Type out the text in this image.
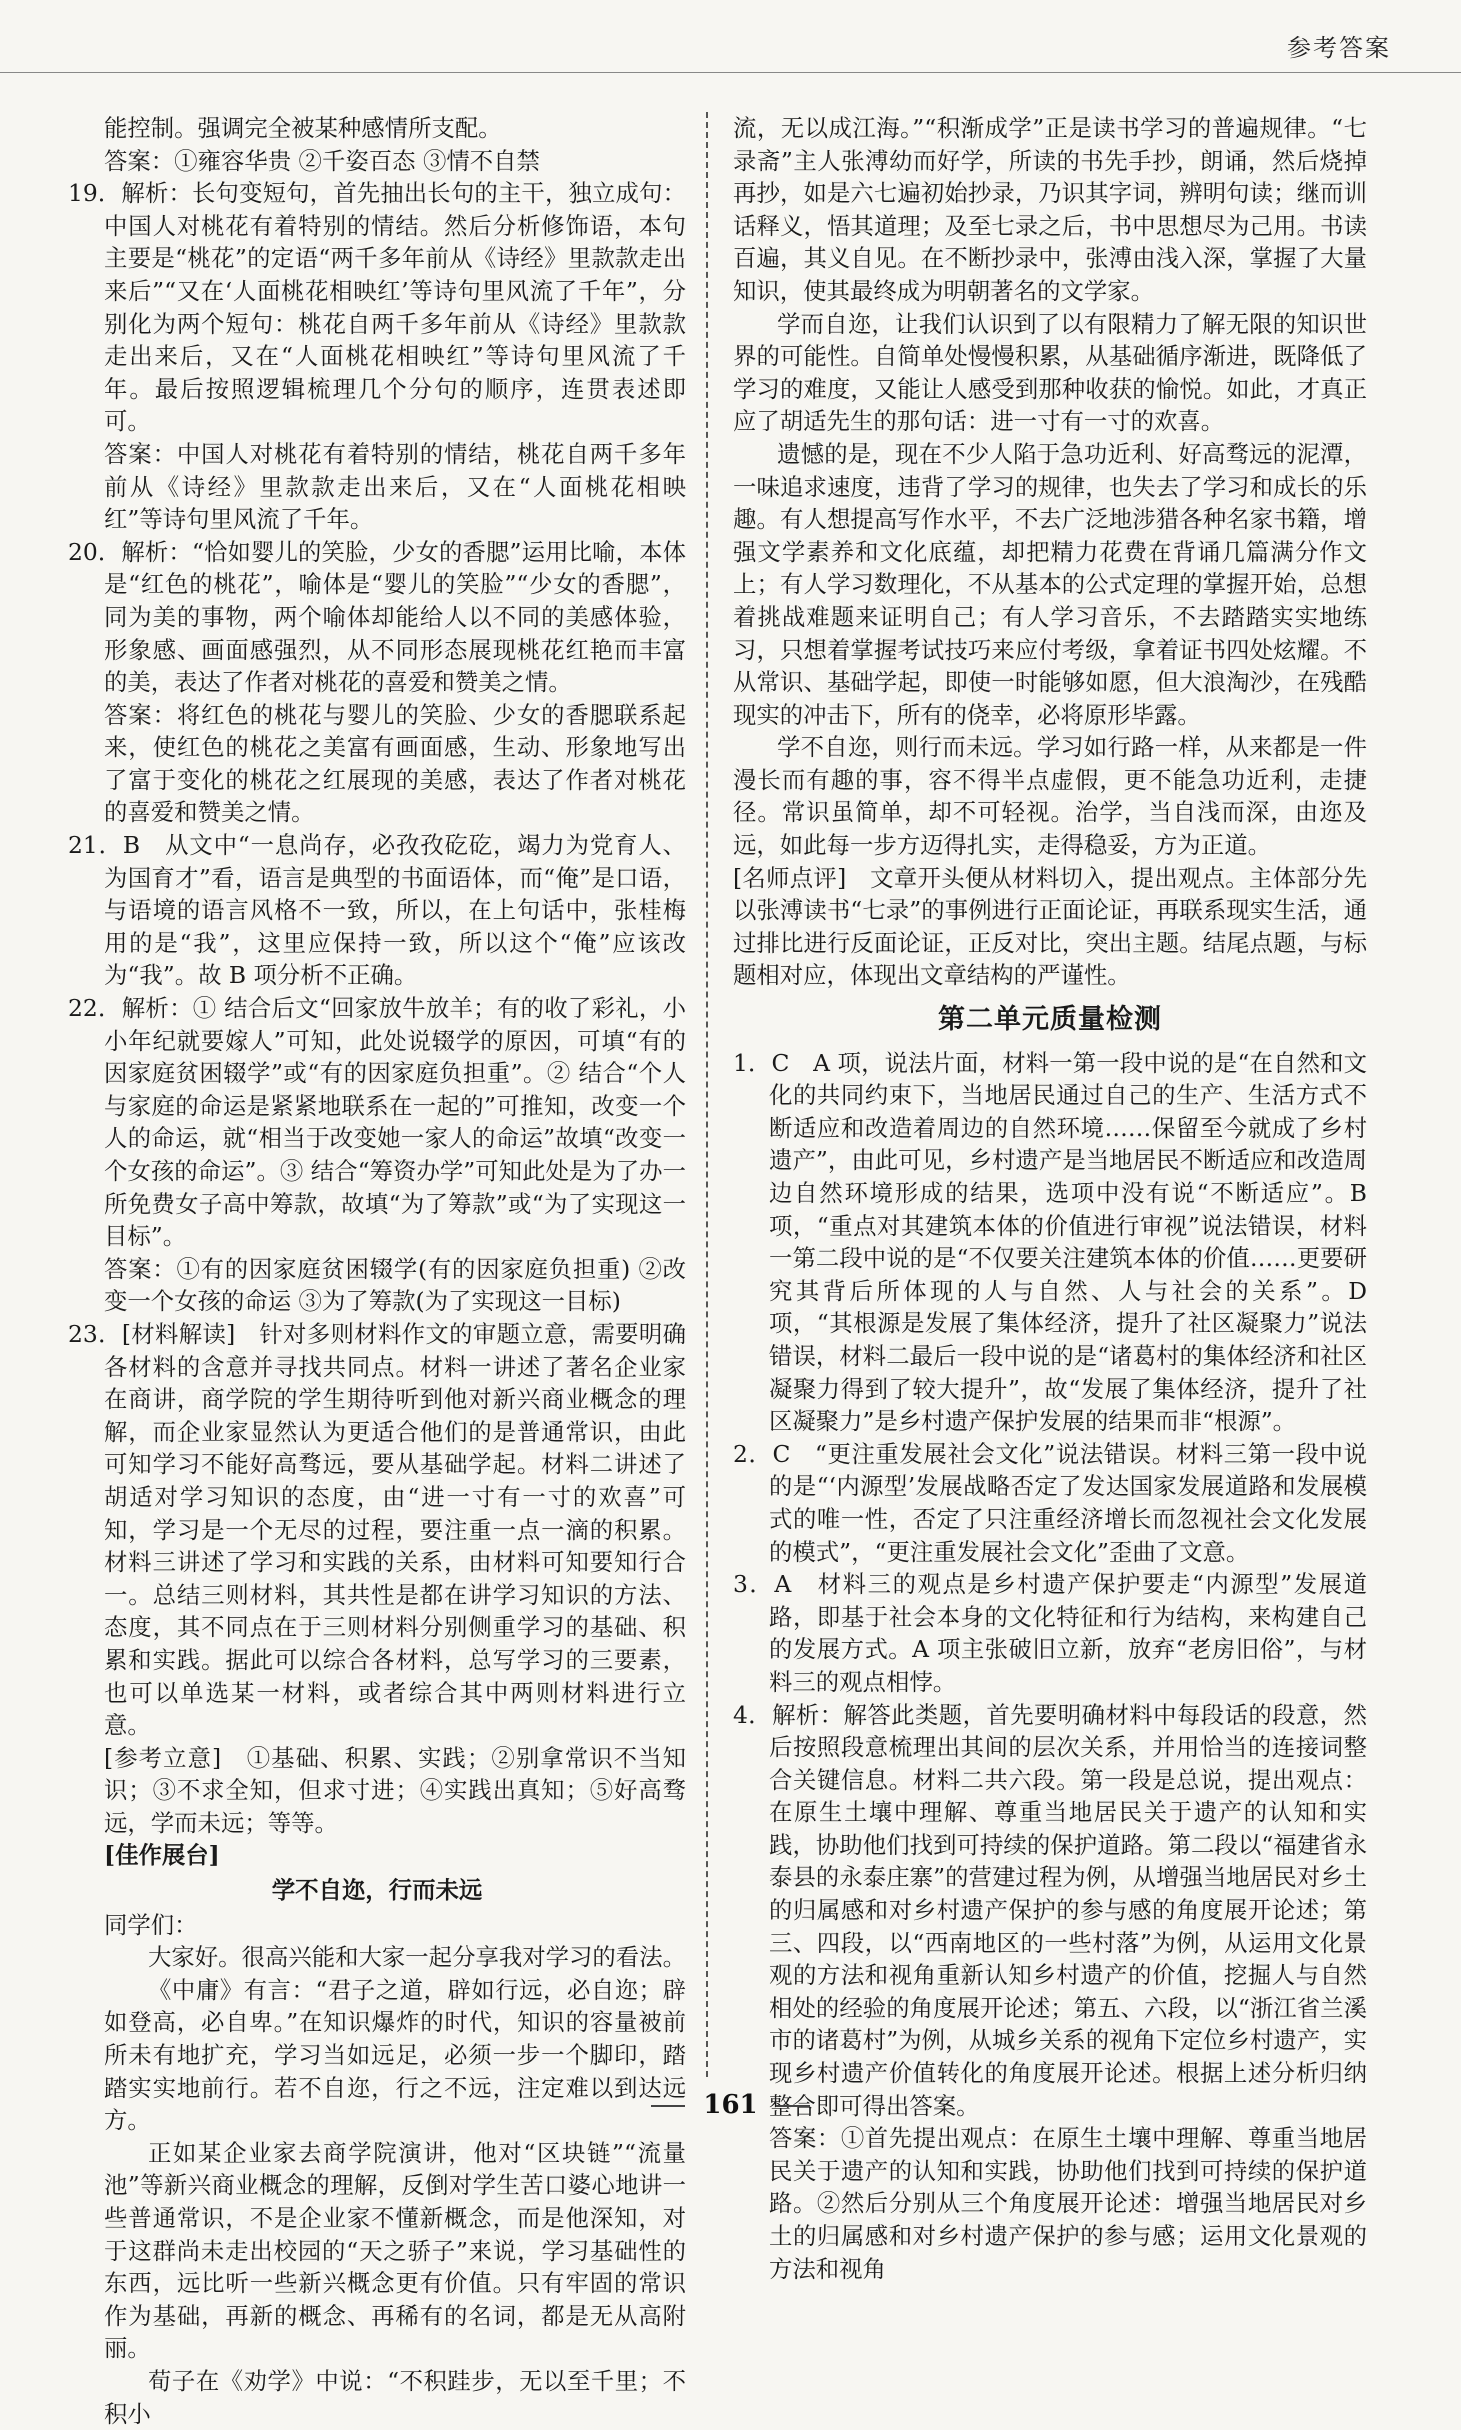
参考答案

能控制。强调完全被某种感情所支配。

答案：①雍容华贵 ②千姿百态 ③情不自禁

19．解析：长句变短句，首先抽出长句的主干，独立成句：中国人对桃花有着特别的情结。然后分析修饰语，本句主要是“桃花”的定语“两千多年前从《诗经》里款款走出来后”“又在‘人面桃花相映红’等诗句里风流了千年”，分别化为两个短句：桃花自两千多年前从《诗经》里款款走出来后，又在“人面桃花相映红”等诗句里风流了千年。最后按照逻辑梳理几个分句的顺序，连贯表述即可。

答案：中国人对桃花有着特别的情结，桃花自两千多年前从《诗经》里款款走出来后，又在“人面桃花相映红”等诗句里风流了千年。

20．解析：“恰如婴儿的笑脸，少女的香腮”运用比喻，本体是“红色的桃花”，喻体是“婴儿的笑脸”“少女的香腮”，同为美的事物，两个喻体却能给人以不同的美感体验，形象感、画面感强烈，从不同形态展现桃花红艳而丰富的美，表达了作者对桃花的喜爱和赞美之情。

答案：将红色的桃花与婴儿的笑脸、少女的香腮联系起来，使红色的桃花之美富有画面感，生动、形象地写出了富于变化的桃花之红展现的美感，表达了作者对桃花的喜爱和赞美之情。

21．B　从文中“一息尚存，必孜孜矻矻，竭力为党育人、为国育才”看，语言是典型的书面语体，而“俺”是口语，与语境的语言风格不一致，所以，在上句话中，张桂梅用的是“我”，这里应保持一致，所以这个“俺”应该改为“我”。故 B 项分析不正确。

22．解析：① 结合后文“回家放牛放羊；有的收了彩礼，小小年纪就要嫁人”可知，此处说辍学的原因，可填“有的因家庭贫困辍学”或“有的因家庭负担重”。② 结合“个人与家庭的命运是紧紧地联系在一起的”可推知，改变一个人的命运，就“相当于改变她一家人的命运”故填“改变一个女孩的命运”。③ 结合“筹资办学”可知此处是为了办一所免费女子高中筹款，故填“为了筹款”或“为了实现这一目标”。

答案：①有的因家庭贫困辍学(有的因家庭负担重) ②改变一个女孩的命运 ③为了筹款(为了实现这一目标)

23．[材料解读]　针对多则材料作文的审题立意，需要明确各材料的含意并寻找共同点。材料一讲述了著名企业家在商讲，商学院的学生期待听到他对新兴商业概念的理解，而企业家显然认为更适合他们的是普通常识，由此可知学习不能好高骛远，要从基础学起。材料二讲述了胡适对学习知识的态度，由“进一寸有一寸的欢喜”可知，学习是一个无尽的过程，要注重一点一滴的积累。材料三讲述了学习和实践的关系，由材料可知要知行合一。总结三则材料，其共性是都在讲学习知识的方法、态度，其不同点在于三则材料分别侧重学习的基础、积累和实践。据此可以综合各材料，总写学习的三要素，也可以单选某一材料，或者综合其中两则材料进行立意。

[参考立意]　①基础、积累、实践；②别拿常识不当知识；③不求全知，但求寸进；④实践出真知；⑤好高骛远，学而未远；等等。

[佳作展台]

学不自迩，行而未远

同学们：

大家好。很高兴能和大家一起分享我对学习的看法。

《中庸》有言：“君子之道，辟如行远，必自迩；辟如登高，必自卑。”在知识爆炸的时代，知识的容量被前所未有地扩充，学习当如远足，必须一步一个脚印，踏踏实实地前行。若不自迩，行之不远，注定难以到达远方。

正如某企业家去商学院演讲，他对“区块链”“流量池”等新兴商业概念的理解，反倒对学生苦口婆心地讲一些普通常识，不是企业家不懂新概念，而是他深知，对于这群尚未走出校园的“天之骄子”来说，学习基础性的东西，远比听一些新兴概念更有价值。只有牢固的常识作为基础，再新的概念、再稀有的名词，都是无从高附丽。

荀子在《劝学》中说：“不积跬步，无以至千里；不积小

流，无以成江海。”“积渐成学”正是读书学习的普遍规律。“七录斋”主人张溥幼而好学，所读的书先手抄，朗诵，然后烧掉再抄，如是六七遍初始抄录，乃识其字词，辨明句读；继而训话释义，悟其道理；及至七录之后，书中思想尽为己用。书读百遍，其义自见。在不断抄录中，张溥由浅入深，掌握了大量知识，使其最终成为明朝著名的文学家。

学而自迩，让我们认识到了以有限精力了解无限的知识世界的可能性。自简单处慢慢积累，从基础循序渐进，既降低了学习的难度，又能让人感受到那种收获的愉悦。如此，才真正应了胡适先生的那句话：进一寸有一寸的欢喜。

遗憾的是，现在不少人陷于急功近利、好高骛远的泥潭，一味追求速度，违背了学习的规律，也失去了学习和成长的乐趣。有人想提高写作水平，不去广泛地涉猎各种名家书籍，增强文学素养和文化底蕴，却把精力花费在背诵几篇满分作文上；有人学习数理化，不从基本的公式定理的掌握开始，总想着挑战难题来证明自己；有人学习音乐，不去踏踏实实地练习，只想着掌握考试技巧来应付考级，拿着证书四处炫耀。不从常识、基础学起，即使一时能够如愿，但大浪淘沙，在残酷现实的冲击下，所有的侥幸，必将原形毕露。

学不自迩，则行而未远。学习如行路一样，从来都是一件漫长而有趣的事，容不得半点虚假，更不能急功近利，走捷径。常识虽简单，却不可轻视。治学，当自浅而深，由迩及远，如此每一步方迈得扎实，走得稳妥，方为正道。

[名师点评]　文章开头便从材料切入，提出观点。主体部分先以张溥读书“七录”的事例进行正面论证，再联系现实生活，通过排比进行反面论证，正反对比，突出主题。结尾点题，与标题相对应，体现出文章结构的严谨性。

第二单元质量检测

1．C　A 项，说法片面，材料一第一段中说的是“在自然和文化的共同约束下，当地居民通过自己的生产、生活方式不断适应和改造着周边的自然环境……保留至今就成了乡村遗产”，由此可见，乡村遗产是当地居民不断适应和改造周边自然环境形成的结果，选项中没有说“不断适应”。B 项，“重点对其建筑本体的价值进行审视”说法错误，材料一第二段中说的是“不仅要关注建筑本体的价值……更要研究其背后所体现的人与自然、人与社会的关系”。D 项，“其根源是发展了集体经济，提升了社区凝聚力”说法错误，材料二最后一段中说的是“诸葛村的集体经济和社区凝聚力得到了较大提升”，故“发展了集体经济，提升了社区凝聚力”是乡村遗产保护发展的结果而非“根源”。

2．C　“更注重发展社会文化”说法错误。材料三第一段中说的是“‘内源型’发展战略否定了发达国家发展道路和发展模式的唯一性，否定了只注重经济增长而忽视社会文化发展的模式”，“更注重发展社会文化”歪曲了文意。

3．A　材料三的观点是乡村遗产保护要走“内源型”发展道路，即基于社会本身的文化特征和行为结构，来构建自己的发展方式。A 项主张破旧立新，放弃“老房旧俗”，与材料三的观点相悖。

4．解析：解答此类题，首先要明确材料中每段话的段意，然后按照段意梳理出其间的层次关系，并用恰当的连接词整合关键信息。材料二共六段。第一段是总说，提出观点：在原生土壤中理解、尊重当地居民关于遗产的认知和实践，协助他们找到可持续的保护道路。第二段以“福建省永泰县的永泰庄寨”的营建过程为例，从增强当地居民对乡土的归属感和对乡村遗产保护的参与感的角度展开论述；第三、四段，以“西南地区的一些村落”为例，从运用文化景观的方法和视角重新认知乡村遗产的价值，挖掘人与自然相处的经验的角度展开论述；第五、六段，以“浙江省兰溪市的诸葛村”为例，从城乡关系的视角下定位乡村遗产，实现乡村遗产价值转化的角度展开论述。根据上述分析归纳整合即可得出答案。

答案：①首先提出观点：在原生土壤中理解、尊重当地居民关于遗产的认知和实践，协助他们找到可持续的保护道路。②然后分别从三个角度展开论述：增强当地居民对乡土的归属感和对乡村遗产保护的参与感；运用文化景观的方法和视角

161
